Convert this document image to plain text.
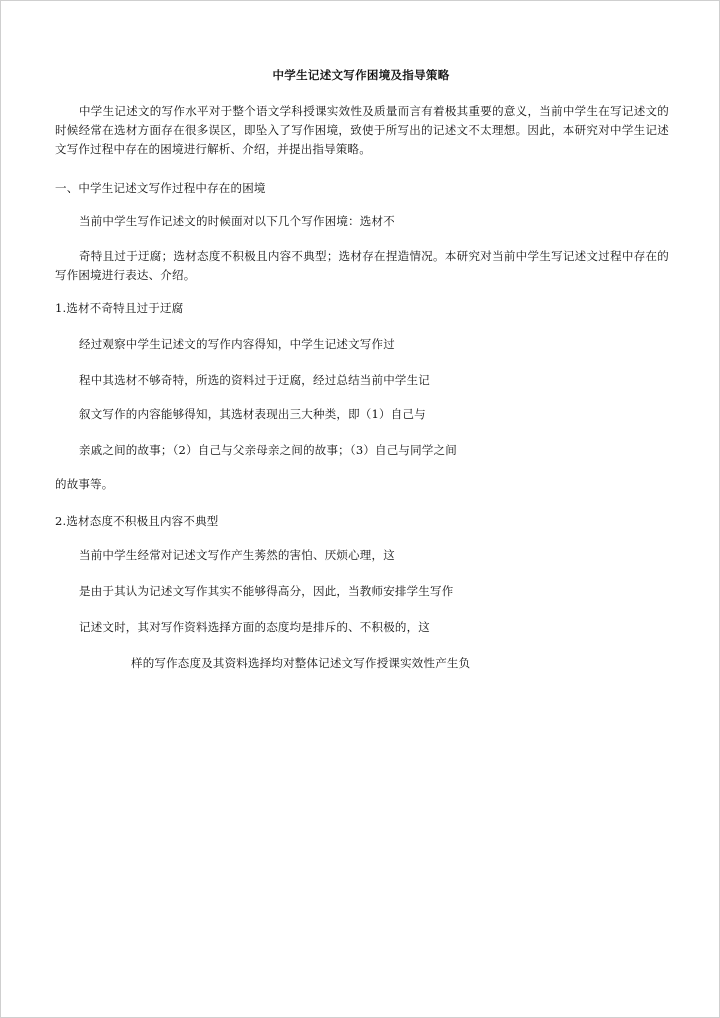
中学生记述文写作困境及指导策略
中学生记述文的写作水平对于整个语文学科授课实效性及质量而言有着极其重要的意义，当前中学生在写记述文的时候经常在选材方面存在很多误区，即坠入了写作困境，致使于所写出的记述文不太理想。因此，本研究对中学生记述文写作过程中存在的困境进行解析、介绍，并提出指导策略。
一、中学生记述文写作过程中存在的困境
当前中学生写作记述文的时候面对以下几个写作困境：选材不
奇特且过于迂腐；选材态度不积极且内容不典型；选材存在捏造情况。本研究对当前中学生写记述文过程中存在的写作困境进行表达、介绍。
1.选材不奇特且过于迂腐
经过观察中学生记述文的写作内容得知，中学生记述文写作过
程中其选材不够奇特，所选的资料过于迂腐，经过总结当前中学生记
叙文写作的内容能够得知，其选材表现出三大种类，即（1）自己与
亲戚之间的故事；（2）自己与父亲母亲之间的故事；（3）自己与同学之间
的故事等。
2.选材态度不积极且内容不典型
当前中学生经常对记述文写作产生莠然的害怕、厌烦心理，这
是由于其认为记述文写作其实不能够得高分，因此，当教师安排学生写作
记述文时，其对写作资料选择方面的态度均是排斥的、不积极的，这
样的写作态度及其资料选择均对整体记述文写作授课实效性产生负
